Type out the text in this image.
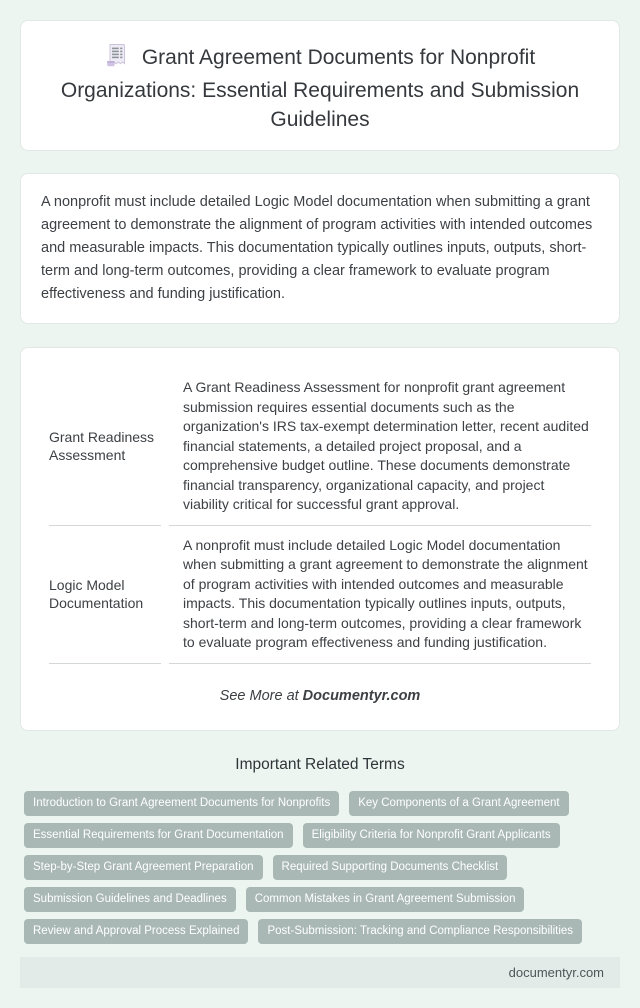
Grant Agreement Documents for Nonprofit Organizations: Essential Requirements and Submission Guidelines

A nonprofit must include detailed Logic Model documentation when submitting a grant agreement to demonstrate the alignment of program activities with intended outcomes and measurable impacts. This documentation typically outlines inputs, outputs, short-term and long-term outcomes, providing a clear framework to evaluate program effectiveness and funding justification.

Grant Readiness Assessment	A Grant Readiness Assessment for nonprofit grant agreement submission requires essential documents such as the organization's IRS tax-exempt determination letter, recent audited financial statements, a detailed project proposal, and a comprehensive budget outline. These documents demonstrate financial transparency, organizational capacity, and project viability critical for successful grant approval.
Logic Model Documentation	A nonprofit must include detailed Logic Model documentation when submitting a grant agreement to demonstrate the alignment of program activities with intended outcomes and measurable impacts. This documentation typically outlines inputs, outputs, short-term and long-term outcomes, providing a clear framework to evaluate program effectiveness and funding justification.
See More at Documentyr.com
Important Related Terms
Introduction to Grant Agreement Documents for Nonprofits	Key Components of a Grant Agreement
Essential Requirements for Grant Documentation	Eligibility Criteria for Nonprofit Grant Applicants
Step-by-Step Grant Agreement Preparation	Required Supporting Documents Checklist
Submission Guidelines and Deadlines	Common Mistakes in Grant Agreement Submission
Review and Approval Process Explained	Post-Submission: Tracking and Compliance Responsibilities
documentyr.com
